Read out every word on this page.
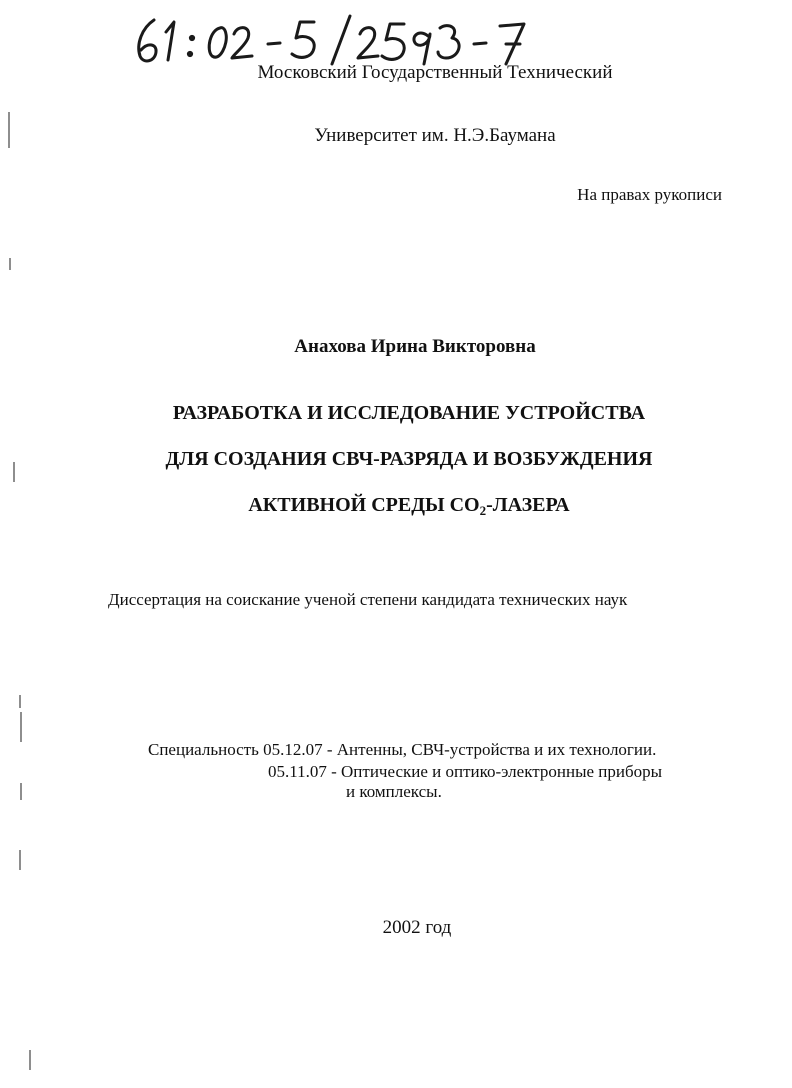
Московский Государственный Технический
Университет им. Н.Э.Баумана
На правах рукописи
Анахова Ирина Викторовна
РАЗРАБОТКА И ИССЛЕДОВАНИЕ УСТРОЙСТВА
ДЛЯ СОЗДАНИЯ СВЧ-РАЗРЯДА И ВОЗБУЖДЕНИЯ
АКТИВНОЙ СРЕДЫ $СО_2$-ЛАЗЕРА
Диссертация на соискание ученой степени кандидата технических наук
Специальность 05.12.07 - Антенны, СВЧ-устройства и их технологии.
05.11.07 - Оптические и оптико-электронные приборы
и комплексы.
2002 год
